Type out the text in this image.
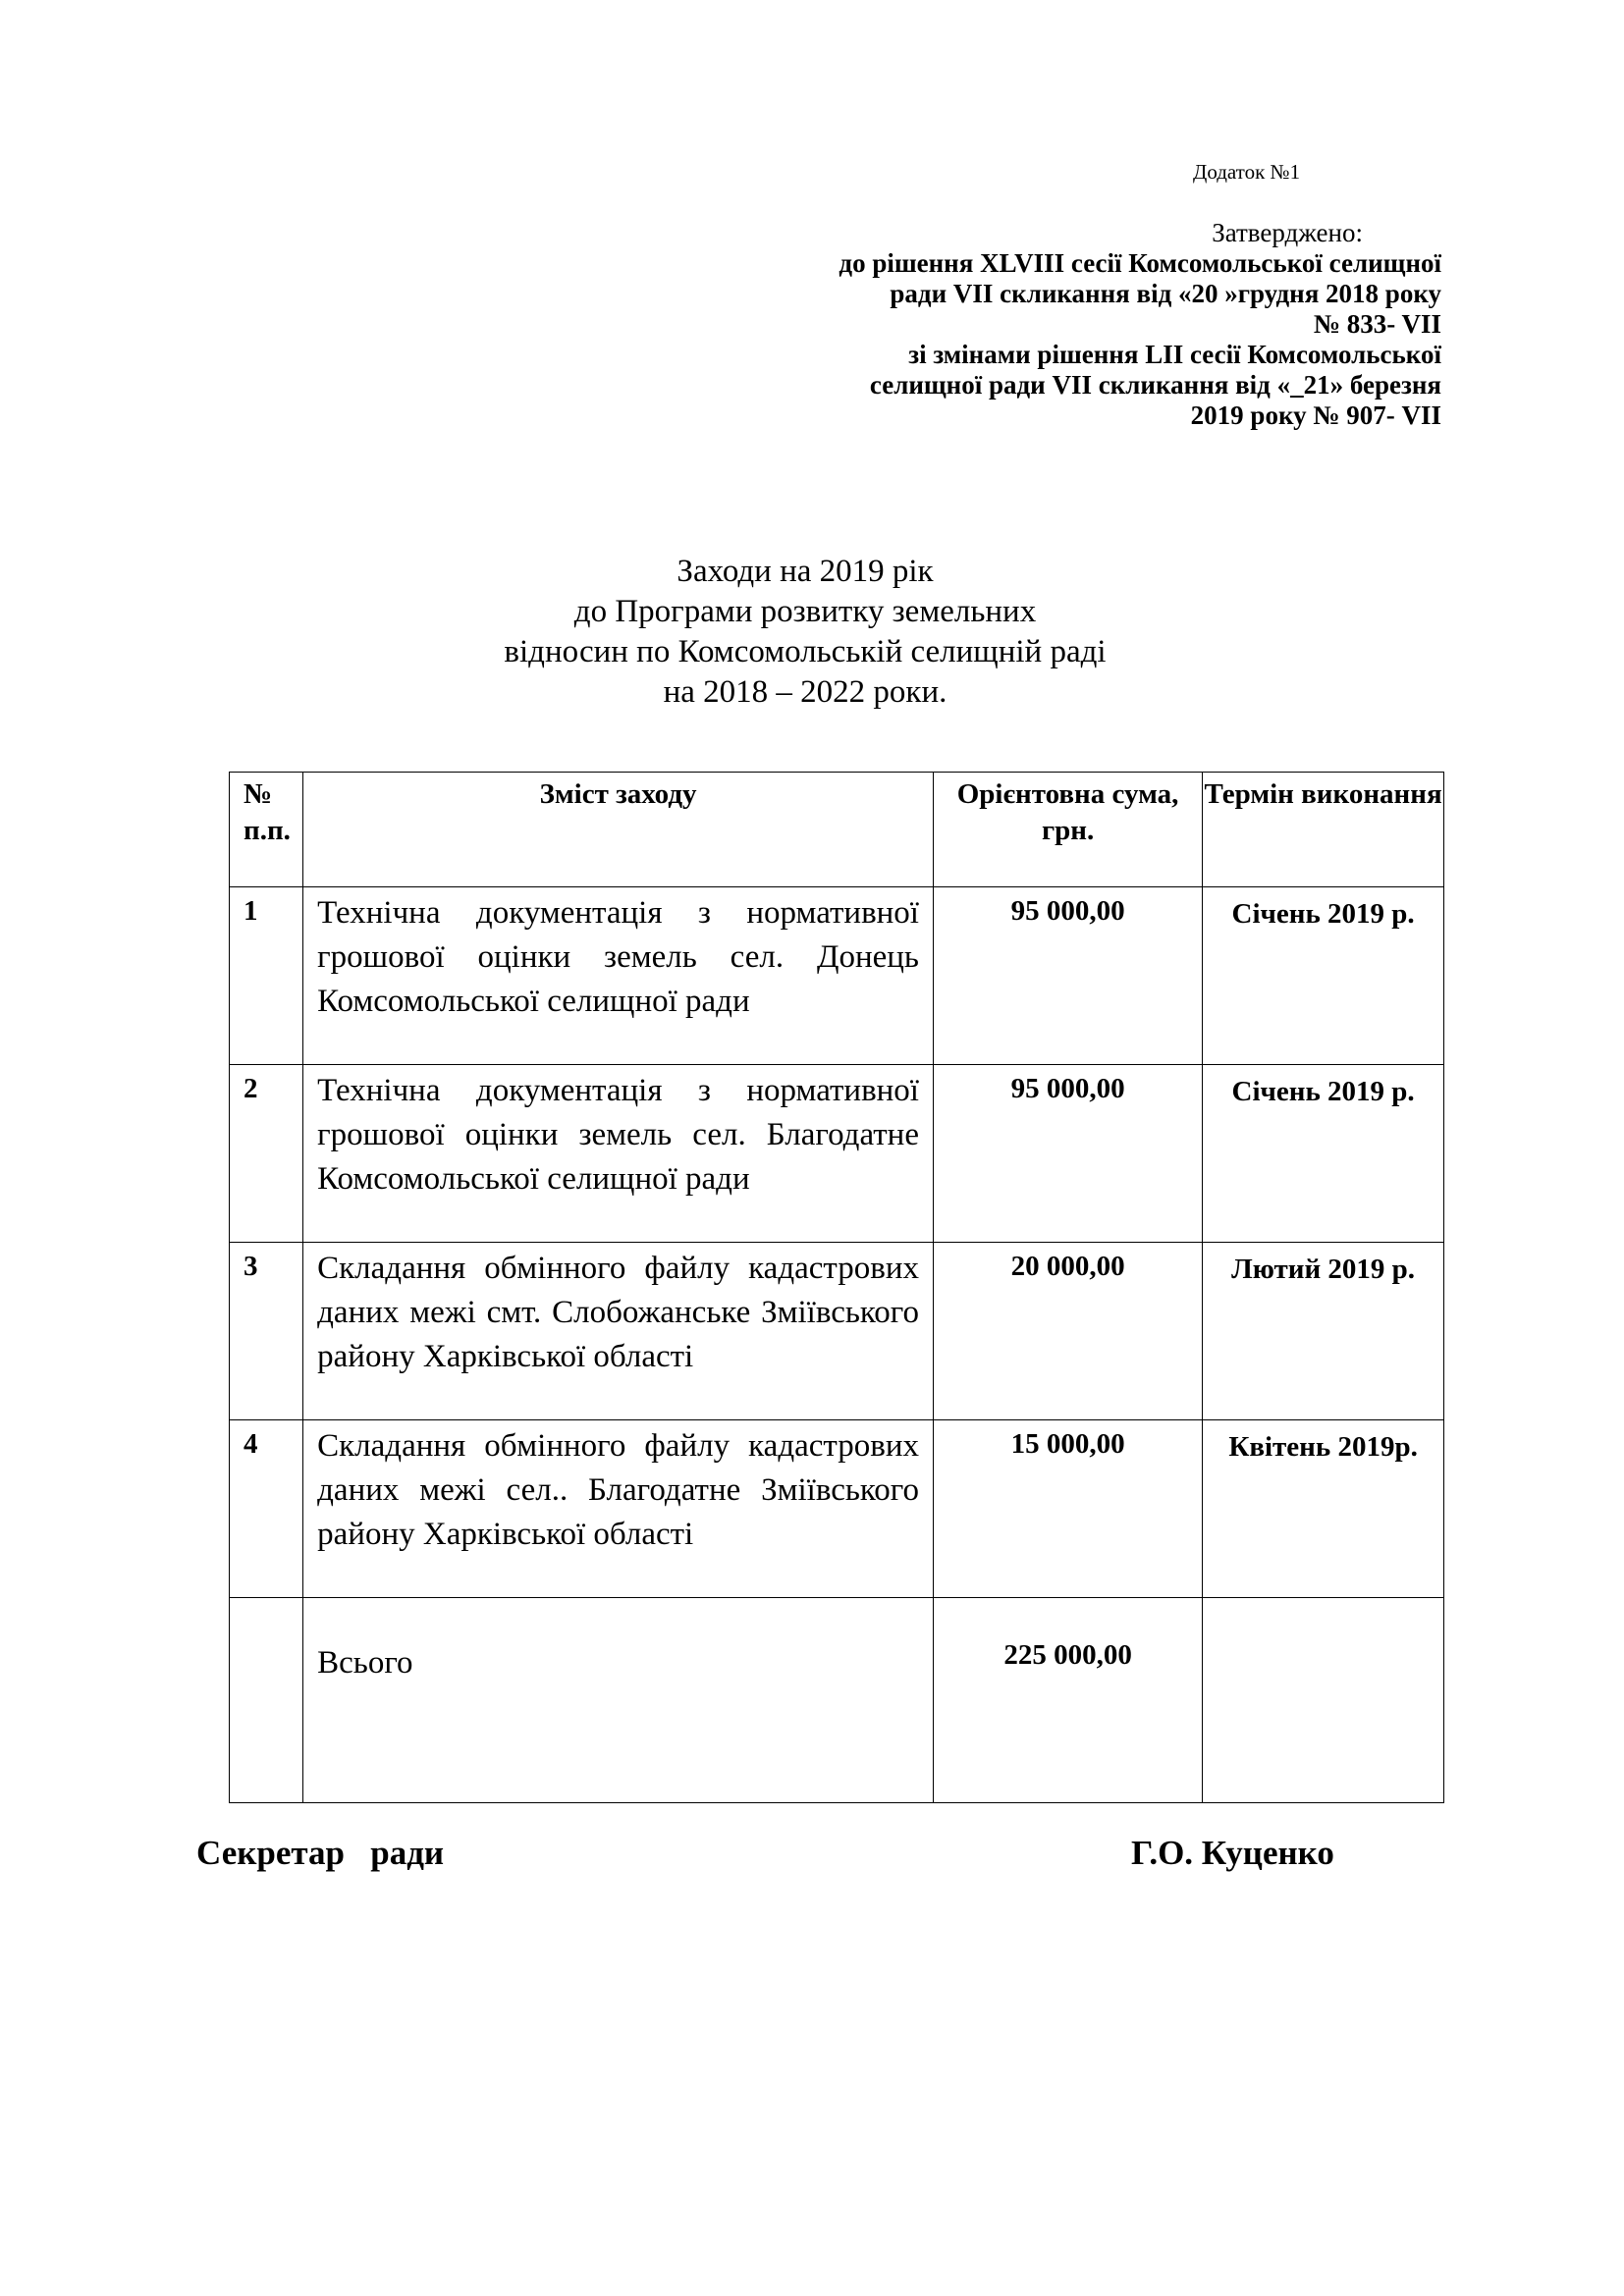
Додаток №1
Затверджено:
до рішення XLVIII сесії Комсомольської селищної
ради VII скликання від «20 »грудня 2018 року
№ 833- VII
зі змінами рішення LII сесії Комсомольської
селищної ради VII скликання від «_21» березня
2019 року № 907- VII
Заходи на 2019 рік
до Програми розвитку земельних
відносин по Комсомольській селищній раді
на 2018 – 2022 роки.
№ п.п.	Зміст заходу	Орієнтовна сума, грн.	Термін виконання
1	Технічна документація з нормативної грошової оцінки земель сел. Донець Комсомольської селищної ради	95 000,00	Січень 2019 р.
2	Технічна документація з нормативної грошової оцінки земель сел. Благодатне Комсомольської селищної ради	95 000,00	Січень 2019 р.
3	Складання обмінного файлу кадастрових даних межі смт. Слобожанське Зміївського району Харківської області	20 000,00	Лютий 2019 р.
4	Складання обмінного файлу кадастрових даних межі сел.. Благодатне Зміївського району Харківської області	15 000,00	Квітень 2019р.
	Всього	225 000,00	
Секретар   ради	Г.О. Куценко
